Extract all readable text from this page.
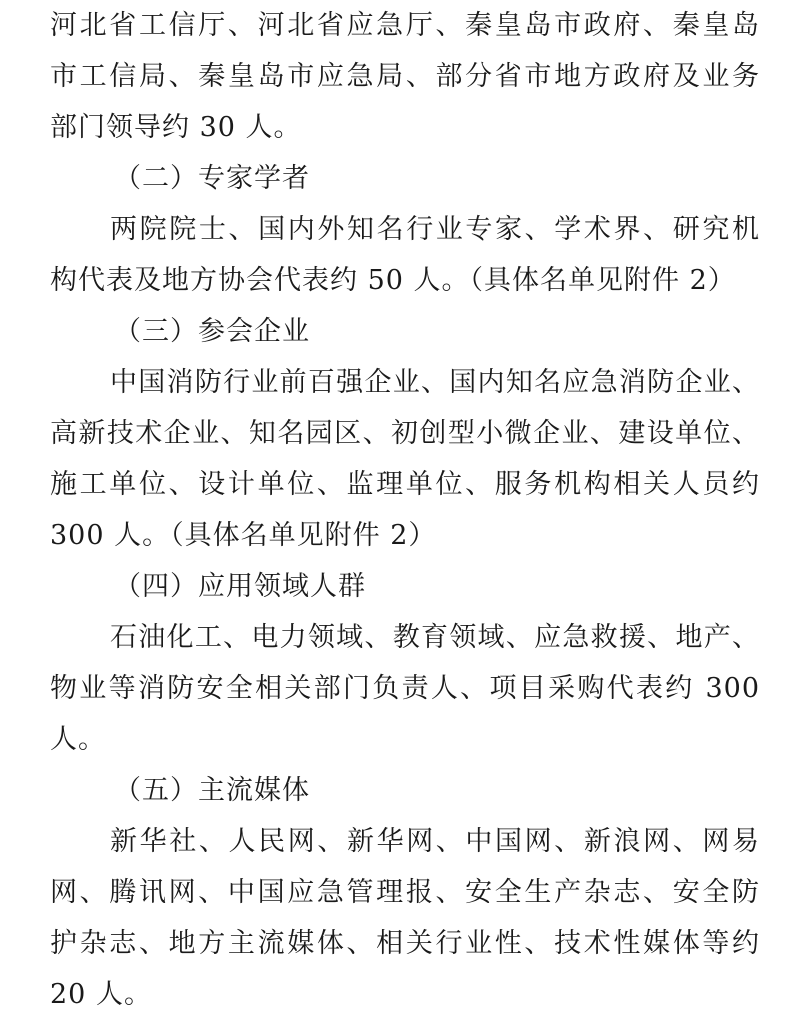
河北省工信厅、河北省应急厅、秦皇岛市政府、秦皇岛
市工信局、秦皇岛市应急局、部分省市地方政府及业务
部门领导约 30 人。
（二）专家学者
两院院士、国内外知名行业专家、学术界、研究机
构代表及地方协会代表约 50 人。（具体名单见附件 2）
（三）参会企业
中国消防行业前百强企业、国内知名应急消防企业、
高新技术企业、知名园区、初创型小微企业、建设单位、
施工单位、设计单位、监理单位、服务机构相关人员约
300 人。（具体名单见附件 2）
（四）应用领域人群
石油化工、电力领域、教育领域、应急救援、地产、
物业等消防安全相关部门负责人、项目采购代表约 300
人。
（五）主流媒体
新华社、人民网、新华网、中国网、新浪网、网易
网、腾讯网、中国应急管理报、安全生产杂志、安全防
护杂志、地方主流媒体、相关行业性、技术性媒体等约
20 人。
